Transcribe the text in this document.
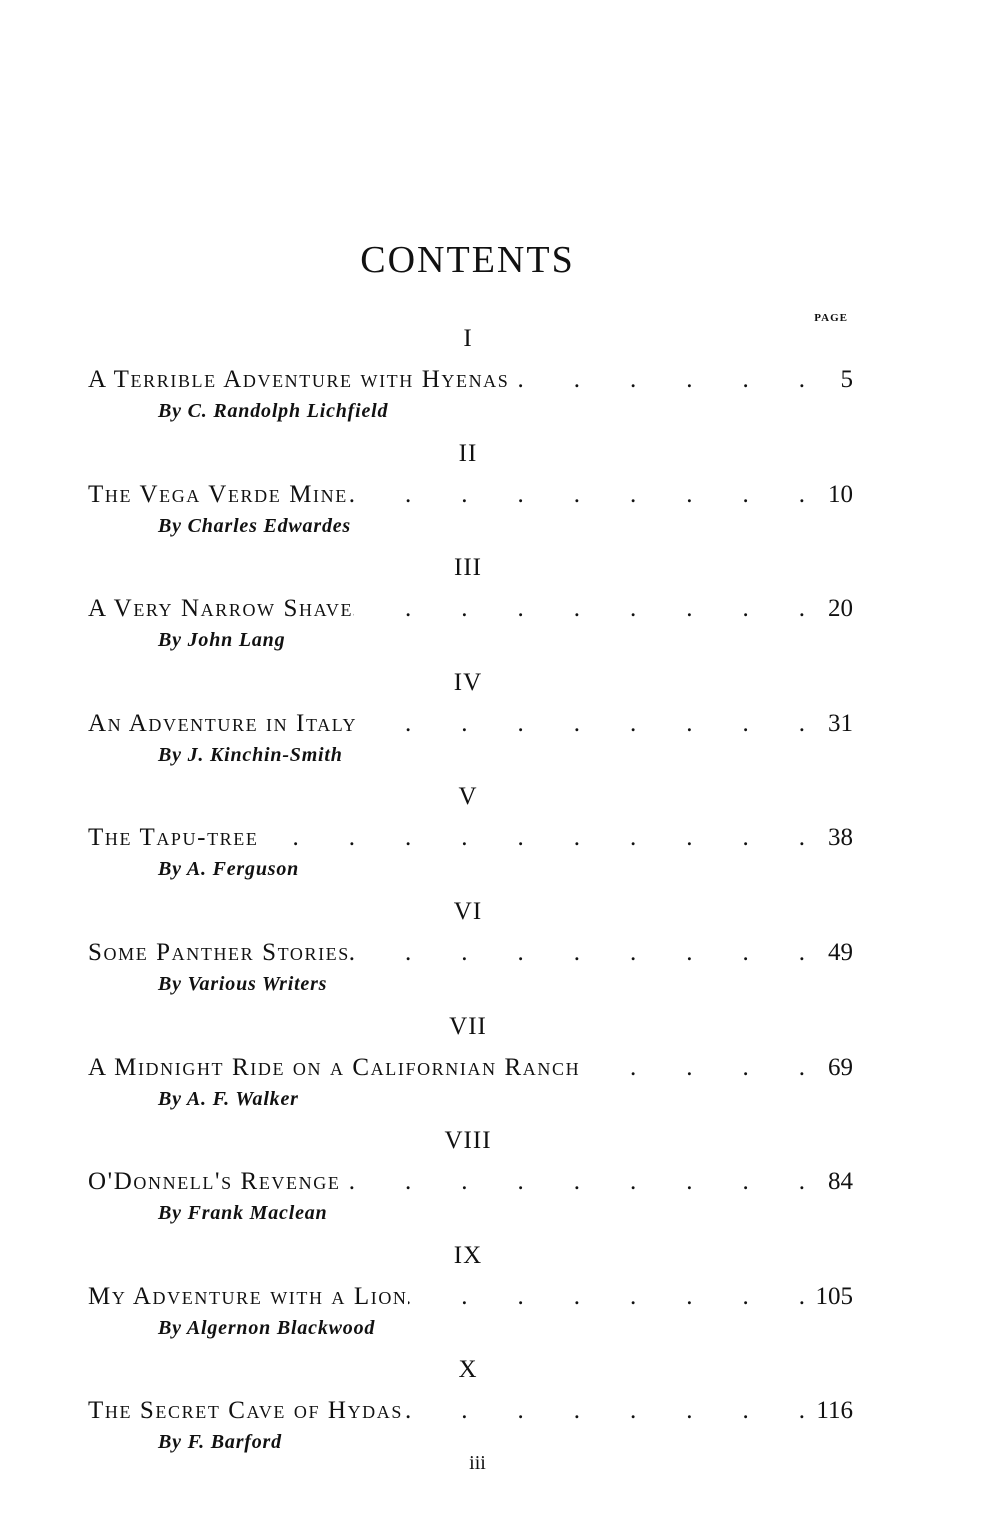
CONTENTS
PAGE
I
A Terrible Adventure with Hyenas .	5
By C. Randolph Lichfield
II
The Vega Verde Mine .	10
By Charles Edwardes
III
A Very Narrow Shave .	20
By John Lang
IV
An Adventure in Italy .	31
By J. Kinchin-Smith
V
The Tapu-tree .	38
By A. Ferguson
VI
Some Panther Stories .	49
By Various Writers
VII
A Midnight Ride on a Californian Ranch .	69
By A. F. Walker
VIII
O'Donnell's Revenge .	84
By Frank Maclean
IX
My Adventure with a Lion .	105
By Algernon Blackwood
X
The Secret Cave of Hydas .	116
By F. Barford
iii
